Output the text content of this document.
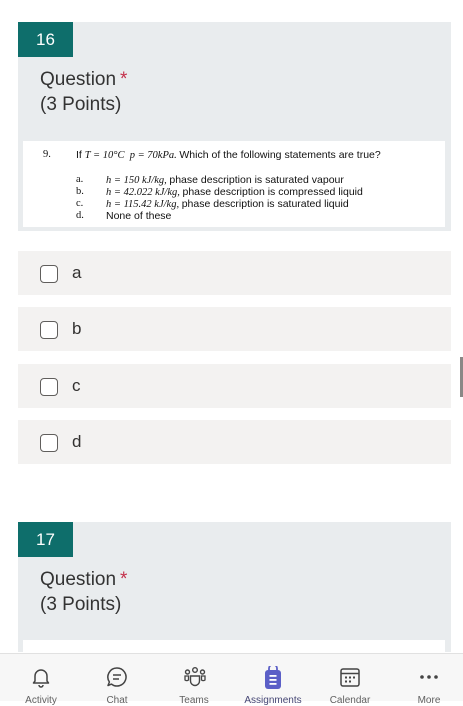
16
Question *
(3 Points)
9. If T = 10°C p = 70kPa. Which of the following statements are true?
a. h = 150 kJ/kg, phase description is saturated vapour
b. h = 42.022 kJ/kg, phase description is compressed liquid
c. h = 115.42 kJ/kg, phase description is saturated liquid
d. None of these
a
b
c
d
17
Question *
(3 Points)
Activity	Chat	Teams	Assignments	Calendar	More
